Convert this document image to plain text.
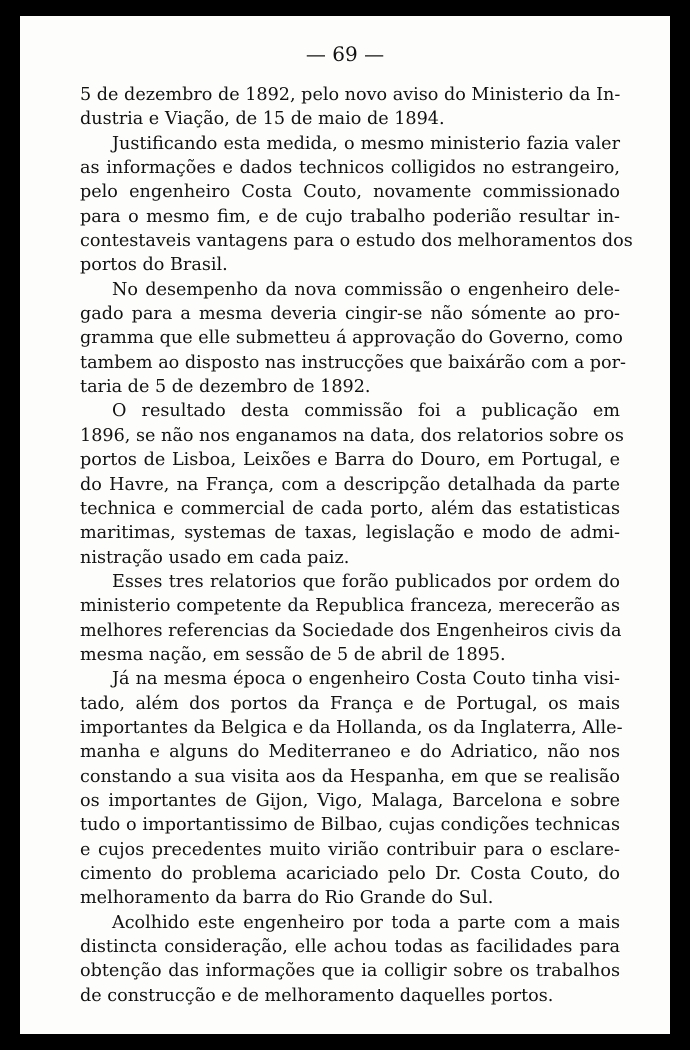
— 69 —

5 de dezembro de 1892, pelo novo aviso do Ministerio da In-
dustria e Viação, de 15 de maio de 1894.

Justificando esta medida, o mesmo ministerio fazia valer
as informações e dados technicos colligidos no estrangeiro,
pelo engenheiro Costa Couto, novamente commissionado
para o mesmo fim, e de cujo trabalho poderião resultar in-
contestaveis vantagens para o estudo dos melhoramentos dos
portos do Brasil.

No desempenho da nova commissão o engenheiro dele-
gado para a mesma deveria cingir-se não sómente ao pro-
gramma que elle submetteu á approvação do Governo, como
tambem ao disposto nas instrucções que baixárão com a por-
taria de 5 de dezembro de 1892.

O resultado desta commissão foi a publicação em
1896, se não nos enganamos na data, dos relatorios sobre os
portos de Lisboa, Leixões e Barra do Douro, em Portugal, e
do Havre, na França, com a descripção detalhada da parte
technica e commercial de cada porto, além das estatisticas
maritimas, systemas de taxas, legislação e modo de admi-
nistração usado em cada paiz.

Esses tres relatorios que forão publicados por ordem do
ministerio competente da Republica franceza, merecerão as
melhores referencias da Sociedade dos Engenheiros civis da
mesma nação, em sessão de 5 de abril de 1895.

Já na mesma época o engenheiro Costa Couto tinha visi-
tado, além dos portos da França e de Portugal, os mais
importantes da Belgica e da Hollanda, os da Inglaterra, Alle-
manha e alguns do Mediterraneo e do Adriatico, não nos
constando a sua visita aos da Hespanha, em que se realisão
os importantes de Gijon, Vigo, Malaga, Barcelona e sobre
tudo o importantissimo de Bilbao, cujas condições technicas
e cujos precedentes muito virião contribuir para o esclare-
cimento do problema acariciado pelo Dr. Costa Couto, do
melhoramento da barra do Rio Grande do Sul.

Acolhido este engenheiro por toda a parte com a mais
distincta consideração, elle achou todas as facilidades para
obtenção das informações que ia colligir sobre os trabalhos
de construcção e de melhoramento daquelles portos.
